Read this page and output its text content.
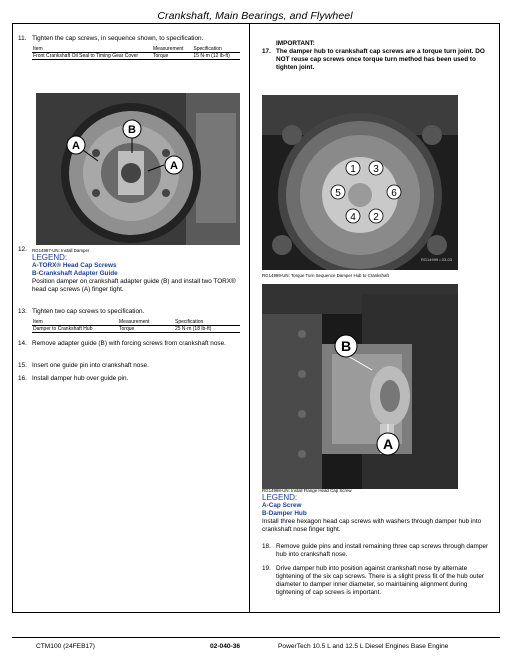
Crankshaft, Main Bearings, and Flywheel
11. Tighten the cap screws, in sequence shown, to specification.
Item	Measurement	Specification
Front Crankshaft Oil Seal to Timing Gear Cover	Torque	15 N·m (12 lb-ft)
B
A
A
12.	RG14997-UN: Install Damper
LEGEND:
A-TORX® Head Cap Screws
B-Crankshaft Adapter Guide
Position damper on crankshaft adapter guide (B) and install two TORX® head cap screws (A) finger tight.
13. Tighten two cap screws to specification.
Item	Measurement	Specification
Damper to Crankshaft Hub	Torque	25 N·m (18 lb-ft)
14. Remove adapter guide (B) with forcing screws from crankshaft nose.
15. Insert one guide pin into crankshaft nose.
16. Install damper hub over guide pin.
IMPORTANT:
17. The damper hub to crankshaft cap screws are a torque turn joint. DO NOT reuse cap screws once torque turn method has been used to tighten joint.
1 3
5	6
4 2
RG14999 • 03-03
RG14999-UN: Torque Turn Sequence Damper Hub to Crankshaft
B
A
RG14998-UN: Install Flange Head Cap Screw
LEGEND:
A-Cap Screw
B-Damper Hub
Install three hexagon head cap screws with washers through damper hub into crankshaft nose finger tight.
18. Remove guide pins and install remaining three cap screws through damper hub into crankshaft nose.
19. Drive damper hub into position against crankshaft nose by alternate tightening of the six cap screws. There is a slight press fit of the hub outer diameter to damper inner diameter, so maintaining alignment during tightening of cap screws is important.
CTM100 (24FEB17)	02-040-36	PowerTech 10.5 L and 12.5 L Diesel Engines Base Engine
